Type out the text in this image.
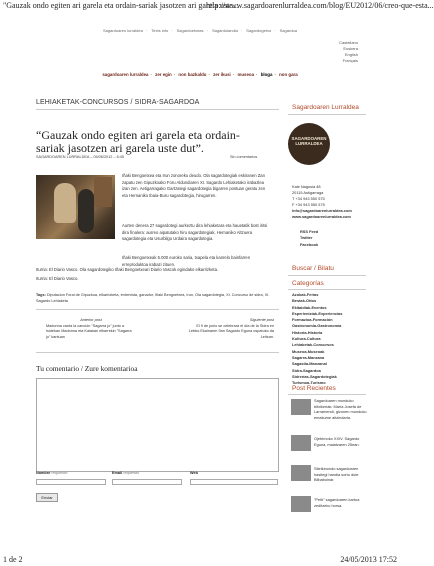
"Gauzak ondo egiten ari garela eta ordain-sariak jasotzen ari garela uste...
http://www.sagardoarenlurraldea.com/blog/EU2012/06/creo-que-esta...
Sagardoaren lurraldea · Texts info · Sagardoetxeas · Sagardolandia · Sagardogetxo · Sagardoa
Castellano
Euskera
English
Français
sagardoaren lurraldea · zer egin · non bazkaldu · zer ikusi · museoa · bloga · non gara
LEHIAKETAK-CONCURSOS / SIDRA-SAGARDOA
“Gauzak ondo egiten ari garela eta ordain-sariak jasotzen ari garela uste dut”.
SAGARDOAREN LURRALDEA – 05/06/2012 – 6:45	Sin comentarios
Iñaki Bengoetxea eta Irun zonoreko deudo. Ola sagardotegiak eskiranen Zan zapatu zen Gipuzkoako Foru Aldundiaren XI. Sagardo Lehiaketako irabazlea izan zen. Aetigarragako Gartzategi sagardotegia bigarren postuan geratu zen eta Hernaniko Ibaia-Buru sagardotegia, hirugarren.
Aurten denera 27 sagardotegi aurkeztu dira lehiaketara eta hauetatik bost iritsi dira finalera: aurreo aipatutako hiru sagardotegiak, Hernaniko Altzuera sagardotegia eta Usurbilgo Urdaira sagardotegia.
Iñaki Bengoetxeak 5.000 euroko saria, txapela eta kanrelo bainfarren erreproduktoa irabazi zituen.
Iturria: El Diario Vasco. Ola sagardotegiko Iñaki Bengoetxeari Diario Vascok egindako elkarrizketa.
Iturria: El Diario Vasco.
Tags: Diputacion Foral de Gipuzkoa, elkarrizketa, entrevista, ganador, Iñaki Bengoetxea, Irun, Ola sagardotegia, XI. Concurso de sidra, XI. Sagardo Lehiaketa
Anterior post
Madonna canta la canción "Sagarra jo" junto a Isidekan Madonna eta Kalakan elkarrekin "Sagarra jo" kantuan
Siguiente post
El 9 de junio se celebrará el día de la Sidra en Lebbo.Ekainaren 9an Sagardo Eguna ospatuko da Leitzan.
Tu comentario / Zure komentarioa
Nombre requerido	Email requerido	Web
Enviar
Sagardoaren Lurraldea
SAGARDOAREN
LURRALDEA
Kale Nagusia 48
20115 Astigarraga
T +34 943 550 575
F +34 943 550 575
info@sagardoarenlurraldea.com
www.sagardoarenlurraldea.com
RSS Feed
Twitter
Facebook
Buscar / Bilatu
Categorías
Azokak-Ferias
Bestak-Ottos
Ekitaldiak-Eventos
Esperientziak-Experiencias
Formazioa-Formación
Gastronomia-Gastronomía
Historia-Historia
Kultura-Cultura
Lehiaketak-Concursos
Museoa-Museoak
Sagarra-Manzana
Sagastia-Manzanal
Sidra-Sagardoa
Sidrerías-Sagardotegiak
Turismoa-Turismo
Post Recientes
Sagardoaren munduko bitxikeriak: María Josefa de Larramendi, gizonen munduko emakume aitzindaria.
Ojetrimoko XXIV. Sagardo Eguna, maiatzaren 25ean.
Sitetkinondo sagardoaren hasitegi handia sortu dute Bilbaboinar.
"Petit" sagardoaren kartoa zeditzeko horsa.
1 de 2	24/05/2013 17:52
